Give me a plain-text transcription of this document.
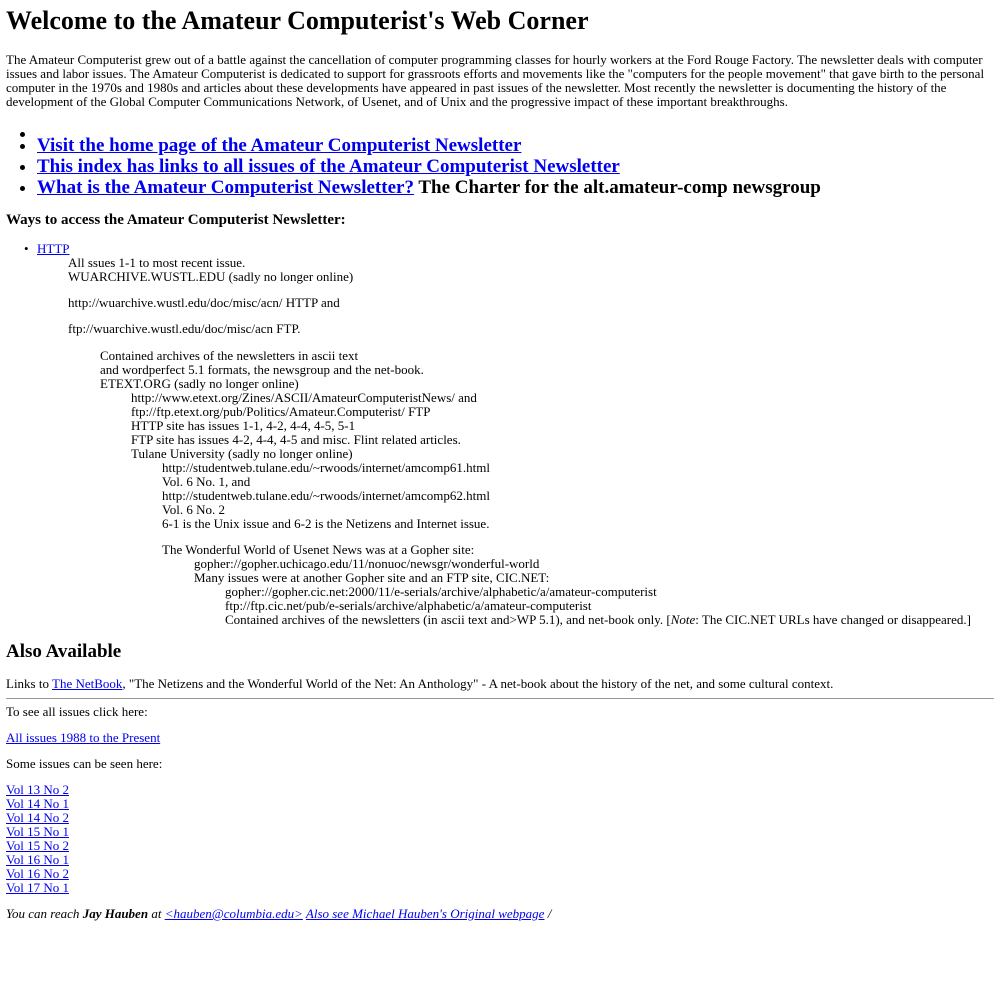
Welcome to the Amateur Computerist's Web Corner

The Amateur Computerist grew out of a battle against the cancellation of computer programming classes for hourly workers at the Ford Rouge Factory. The newsletter deals with computer issues and labor issues. The Amateur Computerist is dedicated to support for grassroots efforts and movements like the "computers for the people movement" that gave birth to the personal computer in the 1970s and 1980s and articles about these developments have appeared in past issues of the newsletter. Most recently the newsletter is documenting the history of the development of the Global Computer Communications Network, of Usenet, and of Unix and the progressive impact of these important breakthroughs.

•
• Visit the home page of the Amateur Computerist Newsletter
• This index has links to all issues of the Amateur Computerist Newsletter
• What is the Amateur Computerist Newsletter? The Charter for the alt.amateur-comp newsgroup
Ways to access the Amateur Computerist Newsletter:
• HTTP
All ssues 1-1 to most recent issue.
WUARCHIVE.WUSTL.EDU (sadly no longer online)
http://wuarchive.wustl.edu/doc/misc/acn/ HTTP and
ftp://wuarchive.wustl.edu/doc/misc/acn FTP.
Contained archives of the newsletters in ascii text
and wordperfect 5.1 formats, the newsgroup and the net-book.
ETEXT.ORG (sadly no longer online)
http://www.etext.org/Zines/ASCII/AmateurComputeristNews/ and
ftp://ftp.etext.org/pub/Politics/Amateur.Computerist/ FTP
HTTP site has issues 1-1, 4-2, 4-4, 4-5, 5-1
FTP site has issues 4-2, 4-4, 4-5 and misc. Flint related articles.
Tulane University (sadly no longer online)
http://studentweb.tulane.edu/~rwoods/internet/amcomp61.html
Vol. 6 No. 1, and
http://studentweb.tulane.edu/~rwoods/internet/amcomp62.html
Vol. 6 No. 2
6-1 is the Unix issue and 6-2 is the Netizens and Internet issue.
The Wonderful World of Usenet News was at a Gopher site:
gopher://gopher.uchicago.edu/11/nonuoc/newsgr/wonderful-world
Many issues were at another Gopher site and an FTP site, CIC.NET:
gopher://gopher.cic.net:2000/11/e-serials/archive/alphabetic/a/amateur-computerist
ftp://ftp.cic.net/pub/e-serials/archive/alphabetic/a/amateur-computerist
Contained archives of the newsletters (in ascii text and>WP 5.1), and net-book only. [Note: The CIC.NET URLs have changed or disappeared.]
Also Available

Links to The NetBook, "The Netizens and the Wonderful World of the Net: An Anthology" - A net-book about the history of the net, and some cultural context.

To see all issues click here:

All issues 1988 to the Present

Some issues can be seen here:

Vol 13 No 2
Vol 14 No 1
Vol 14 No 2
Vol 15 No 1
Vol 15 No 2
Vol 16 No 1
Vol 16 No 2
Vol 17 No 1
You can reach Jay Hauben at <hauben@columbia.edu> Also see Michael Hauben's Original webpage /
